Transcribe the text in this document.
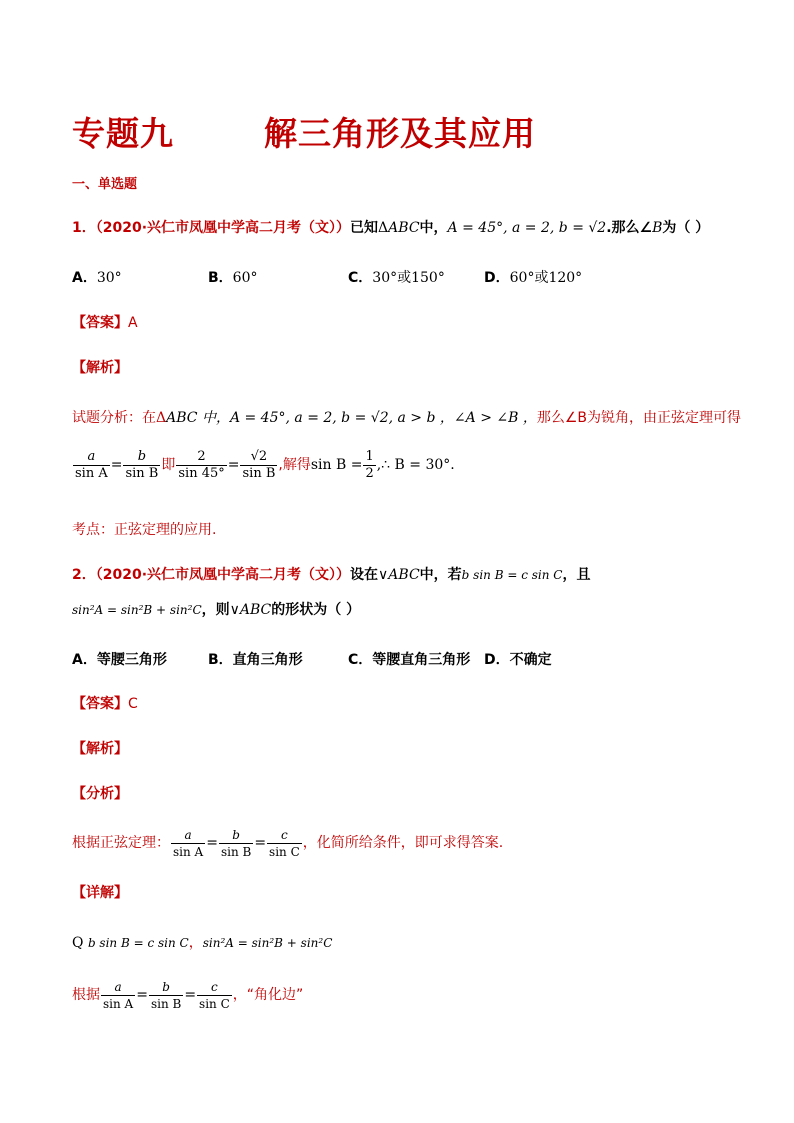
专题九	解三角形及其应用
一、单选题
1．（2020·兴仁市凤凰中学高二月考（文））已知ΔABC中，A = 45°, a = 2, b = √2.那么∠B为（ ）
A．30°	B．60°	C．30°或150°	D．60°或120°
【答案】A
【解析】
试题分析：在ΔABC 中，A = 45°, a = 2, b = √2, a > b ，∠A > ∠B ，那么∠B为锐角，由正弦定理可得
$\frac{a}{\text{sin A}} = \frac{b}{\text{sin B}}$ 即 $\frac{2}{\sin 45^\circ} = \frac{√2}{\text{sin B}}$ ,解得$\sin B = \frac{1}{2}$ ,∴ B = 30°.
考点：正弦定理的应用.
2．（2020·兴仁市凤凰中学高二月考（文））设在∨ABC中，若b sin B = c sin C，且
sin²A = sin²B + sin²C，则∨ABC的形状为（ ）
A．等腰三角形	B．直角三角形	C．等腰直角三角形 D．不确定
【答案】C
【解析】
【分析】
根据正弦定理： $\frac{a}{\text{sin A}} = \frac{b}{\text{sin B}} = \frac{c}{\text{sin C}}$ ，化简所给条件，即可求得答案.
【详解】
Q b sin B = c sin C，sin²A = sin²B + sin²C
根据 $\frac{a}{\text{sin A}} = \frac{b}{\text{sin B}} = \frac{c}{\text{sin C}}$ ，“角化边”
